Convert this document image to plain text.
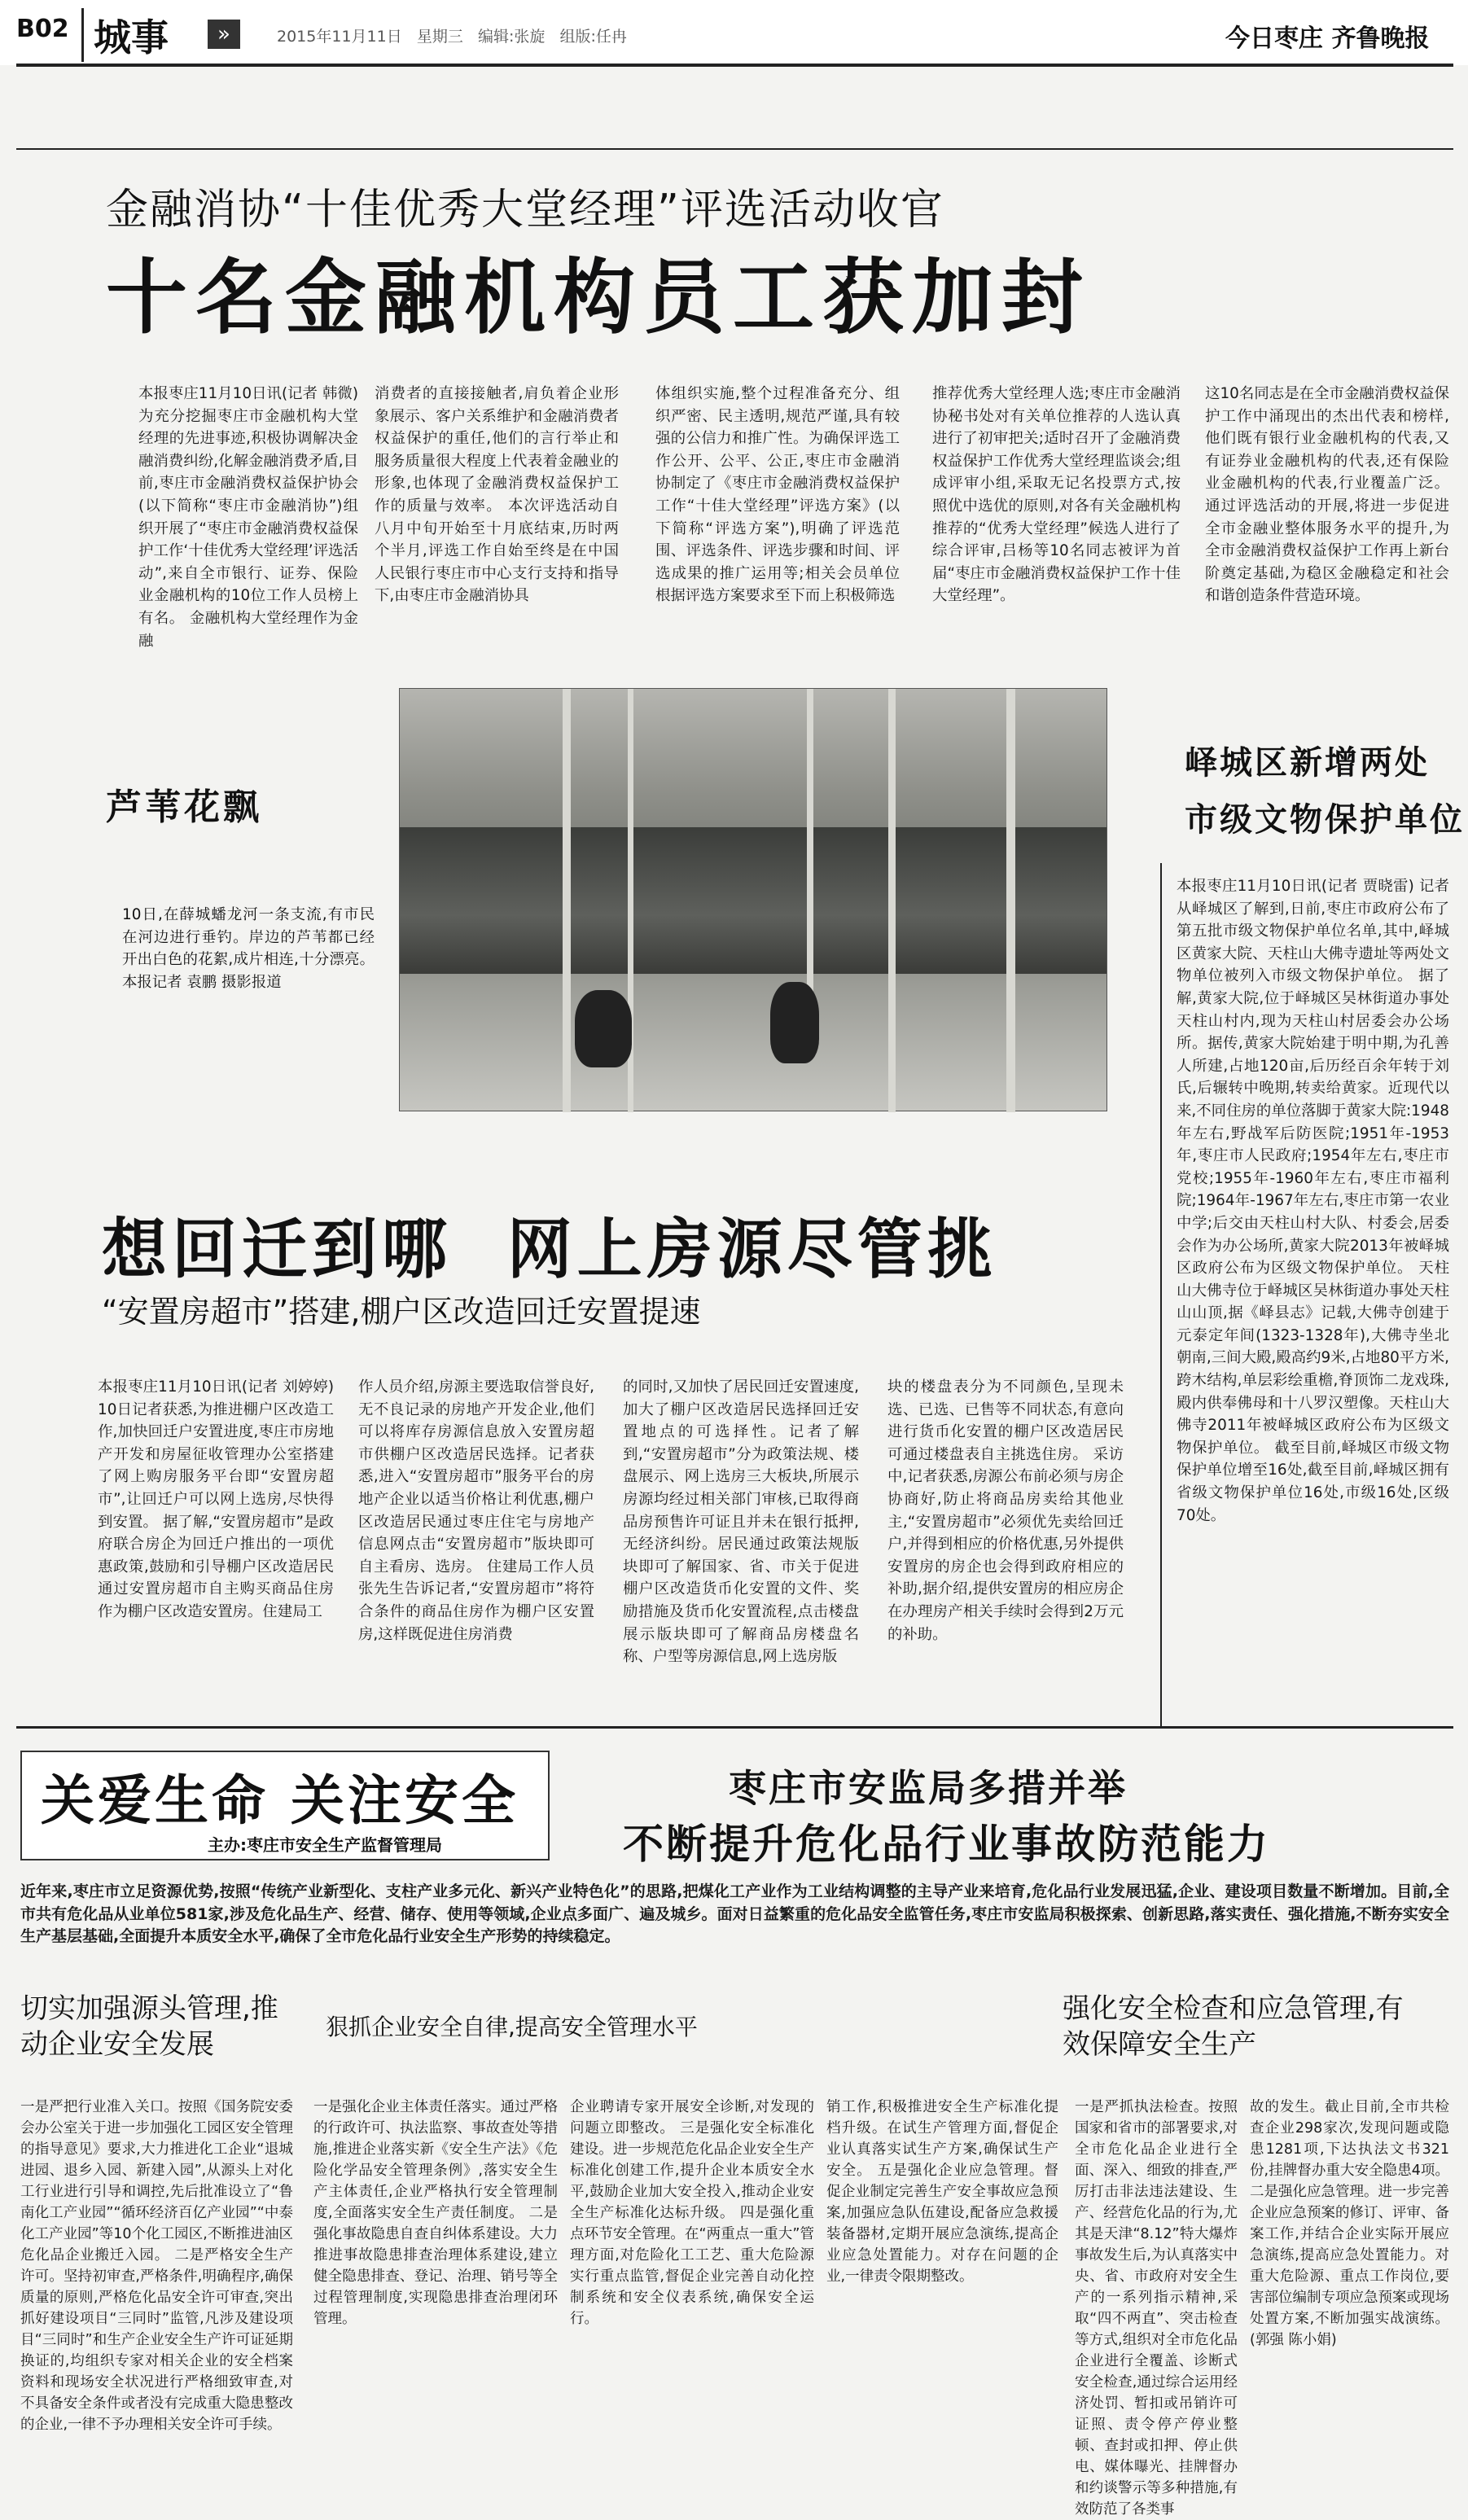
B02 城事	»	2015年11月11日   星期三   编辑:张旋   组版:任冉	今日枣庄 齐鲁晚报
金融消协“十佳优秀大堂经理”评选活动收官
十名金融机构员工获加封
本报枣庄11月10日讯(记者 韩微) 为充分挖掘枣庄市金融机构大堂经理的先进事迹,积极协调解决金融消费纠纷,化解金融消费矛盾,目前,枣庄市金融消费权益保护协会(以下简称“枣庄市金融消协”)组织开展了“枣庄市金融消费权益保护工作‘十佳优秀大堂经理’评选活动”,来自全市银行、证券、保险业金融机构的10位工作人员榜上有名。 金融机构大堂经理作为金融
消费者的直接接触者,肩负着企业形象展示、客户关系维护和金融消费者权益保护的重任,他们的言行举止和服务质量很大程度上代表着金融业的形象,也体现了金融消费权益保护工作的质量与效率。 本次评选活动自八月中旬开始至十月底结束,历时两个半月,评选工作自始至终是在中国人民银行枣庄市中心支行支持和指导下,由枣庄市金融消协具
体组织实施,整个过程准备充分、组织严密、民主透明,规范严谨,具有较强的公信力和推广性。为确保评选工作公开、公平、公正,枣庄市金融消协制定了《枣庄市金融消费权益保护工作“十佳大堂经理”评选方案》(以下简称“评选方案”),明确了评选范围、评选条件、评选步骤和时间、评选成果的推广运用等;相关会员单位根据评选方案要求至下而上积极筛选
推荐优秀大堂经理人选;枣庄市金融消协秘书处对有关单位推荐的人选认真进行了初审把关;适时召开了金融消费权益保护工作优秀大堂经理监谈会;组成评审小组,采取无记名投票方式,按照优中选优的原则,对各有关金融机构推荐的“优秀大堂经理”候选人进行了综合评审,吕杨等10名同志被评为首届“枣庄市金融消费权益保护工作十佳大堂经理”。
这10名同志是在全市金融消费权益保护工作中涌现出的杰出代表和榜样,他们既有银行业金融机构的代表,又有证券业金融机构的代表,还有保险业金融机构的代表,行业覆盖广泛。 通过评选活动的开展,将进一步促进全市金融业整体服务水平的提升,为全市金融消费权益保护工作再上新台阶奠定基础,为稳区金融稳定和社会和谐创造条件营造环境。
芦苇花飘
10日,在薛城蟠龙河一条支流,有市民在河边进行垂钓。岸边的芦苇都已经开出白色的花絮,成片相连,十分漂亮。 本报记者 袁鹏 摄影报道
峄城区新增两处
市级文物保护单位
本报枣庄11月10日讯(记者 贾晓雷) 记者从峄城区了解到,日前,枣庄市政府公布了第五批市级文物保护单位名单,其中,峄城区黄家大院、天柱山大佛寺遗址等两处文物单位被列入市级文物保护单位。 据了解,黄家大院,位于峄城区吴林街道办事处天柱山村内,现为天柱山村居委会办公场所。据传,黄家大院始建于明中期,为孔善人所建,占地120亩,后历经百余年转于刘氏,后辗转中晚期,转卖给黄家。近现代以来,不同住房的单位落脚于黄家大院:1948年左右,野战军后防医院;1951年-1953年,枣庄市人民政府;1954年左右,枣庄市党校;1955年-1960年左右,枣庄市福利院;1964年-1967年左右,枣庄市第一农业中学;后交由天柱山村大队、村委会,居委会作为办公场所,黄家大院2013年被峄城区政府公布为区级文物保护单位。 天柱山大佛寺位于峄城区吴林街道办事处天柱山山顶,据《峄县志》记载,大佛寺创建于元泰定年间(1323-1328年),大佛寺坐北朝南,三间大殿,殿高约9米,占地80平方米,跨木结构,单层彩绘重檐,脊顶饰二龙戏珠,殿内供奉佛母和十八罗汉塑像。天柱山大佛寺2011年被峄城区政府公布为区级文物保护单位。 截至目前,峄城区市级文物保护单位增至16处,截至目前,峄城区拥有省级文物保护单位16处,市级16处,区级70处。
想回迁到哪  网上房源尽管挑
“安置房超市”搭建,棚户区改造回迁安置提速
本报枣庄11月10日讯(记者 刘婷婷) 10日记者获悉,为推进棚户区改造工作,加快回迁户安置进度,枣庄市房地产开发和房屋征收管理办公室搭建了网上购房服务平台即“安置房超市”,让回迁户可以网上选房,尽快得到安置。 据了解,“安置房超市”是政府联合房企为回迁户推出的一项优惠政策,鼓励和引导棚户区改造居民通过安置房超市自主购买商品住房作为棚户区改造安置房。住建局工
作人员介绍,房源主要选取信誉良好,无不良记录的房地产开发企业,他们可以将库存房源信息放入安置房超市供棚户区改造居民选择。记者获悉,进入“安置房超市”服务平台的房地产企业以适当价格让利优惠,棚户区改造居民通过枣庄住宅与房地产信息网点击“安置房超市”版块即可自主看房、选房。 住建局工作人员张先生告诉记者,“安置房超市”将符合条件的商品住房作为棚户区安置房,这样既促进住房消费
的同时,又加快了居民回迁安置速度,加大了棚户区改造居民选择回迁安置地点的可选择性。记者了解到,“安置房超市”分为政策法规、楼盘展示、网上选房三大板块,所展示房源均经过相关部门审核,已取得商品房预售许可证且并未在银行抵押,无经济纠纷。居民通过政策法规版块即可了解国家、省、市关于促进棚户区改造货币化安置的文件、奖励措施及货币化安置流程,点击楼盘展示版块即可了解商品房楼盘名称、户型等房源信息,网上选房版
块的楼盘表分为不同颜色,呈现未选、已选、已售等不同状态,有意向进行货币化安置的棚户区改造居民可通过楼盘表自主挑选住房。 采访中,记者获悉,房源公布前必须与房企协商好,防止将商品房卖给其他业主,“安置房超市”必须优先卖给回迁户,并得到相应的价格优惠,另外提供安置房的房企也会得到政府相应的补助,据介绍,提供安置房的相应房企在办理房产相关手续时会得到2万元的补助。
关爱生命 关注安全
主办:枣庄市安全生产监督管理局
枣庄市安监局多措并举
不断提升危化品行业事故防范能力
近年来,枣庄市立足资源优势,按照“传统产业新型化、支柱产业多元化、新兴产业特色化”的思路,把煤化工产业作为工业结构调整的主导产业来培育,危化品行业发展迅猛,企业、建设项目数量不断增加。目前,全市共有危化品从业单位581家,涉及危化品生产、经营、储存、使用等领域,企业点多面广、遍及城乡。面对日益繁重的危化品安全监管任务,枣庄市安监局积极探索、创新思路,落实责任、强化措施,不断夯实安全生产基层基础,全面提升本质安全水平,确保了全市危化品行业安全生产形势的持续稳定。
切实加强源头管理,推动企业安全发展
狠抓企业安全自律,提高安全管理水平
强化安全检查和应急管理,有效保障安全生产
一是严把行业准入关口。按照《国务院安委会办公室关于进一步加强化工园区安全管理的指导意见》要求,大力推进化工企业“退城进园、退乡入园、新建入园”,从源头上对化工行业进行引导和调控,先后批准设立了“鲁南化工产业园”“循环经济百亿产业园”“中泰化工产业园”等10个化工园区,不断推进油区危化品企业搬迁入园。 二是严格安全生产许可。坚持初审查,严格条件,明确程序,确保质量的原则,严格危化品安全许可审查,突出抓好建设项目“三同时”监管,凡涉及建设项目“三同时”和生产企业安全生产许可证延期换证的,均组织专家对相关企业的安全档案资料和现场安全状况进行严格细致审查,对不具备安全条件或者没有完成重大隐患整改的企业,一律不予办理相关安全许可手续。
一是强化企业主体责任落实。通过严格的行政许可、执法监察、事故查处等措施,推进企业落实新《安全生产法》《危险化学品安全管理条例》,落实安全生产主体责任,企业严格执行安全管理制度,全面落实安全生产责任制度。 二是强化事故隐患自查自纠体系建设。大力推进事故隐患排查治理体系建设,建立健全隐患排查、登记、治理、销号等全过程管理制度,实现隐患排查治理闭环管理。
企业聘请专家开展安全诊断,对发现的问题立即整改。 三是强化安全标准化建设。进一步规范危化品企业安全生产标准化创建工作,提升企业本质安全水平,鼓励企业加大安全投入,推动企业安全生产标准化达标升级。 四是强化重点环节安全管理。在“两重点一重大”管理方面,对危险化工工艺、重大危险源实行重点监管,督促企业完善自动化控制系统和安全仪表系统,确保安全运行。
销工作,积极推进安全生产标准化提档升级。在试生产管理方面,督促企业认真落实试生产方案,确保试生产安全。 五是强化企业应急管理。督促企业制定完善生产安全事故应急预案,加强应急队伍建设,配备应急救援装备器材,定期开展应急演练,提高企业应急处置能力。对存在问题的企业,一律责令限期整改。
一是严抓执法检查。按照国家和省市的部署要求,对全市危化品企业进行全面、深入、细致的排查,严厉打击非法违法建设、生产、经营危化品的行为,尤其是天津“8.12”特大爆炸事故发生后,为认真落实中央、省、市政府对安全生产的一系列指示精神,采取“四不两直”、突击检查等方式,组织对全市危化品企业进行全覆盖、诊断式安全检查,通过综合运用经济处罚、暂扣或吊销许可证照、责令停产停业整顿、查封或扣押、停止供电、媒体曝光、挂牌督办和约谈警示等多种措施,有效防范了各类事
故的发生。截止目前,全市共检查企业298家次,发现问题或隐患1281项,下达执法文书321份,挂牌督办重大安全隐患4项。 二是强化应急管理。进一步完善企业应急预案的修订、评审、备案工作,并结合企业实际开展应急演练,提高应急处置能力。对重大危险源、重点工作岗位,要害部位编制专项应急预案或现场处置方案,不断加强实战演练。 (郭强 陈小娟)
